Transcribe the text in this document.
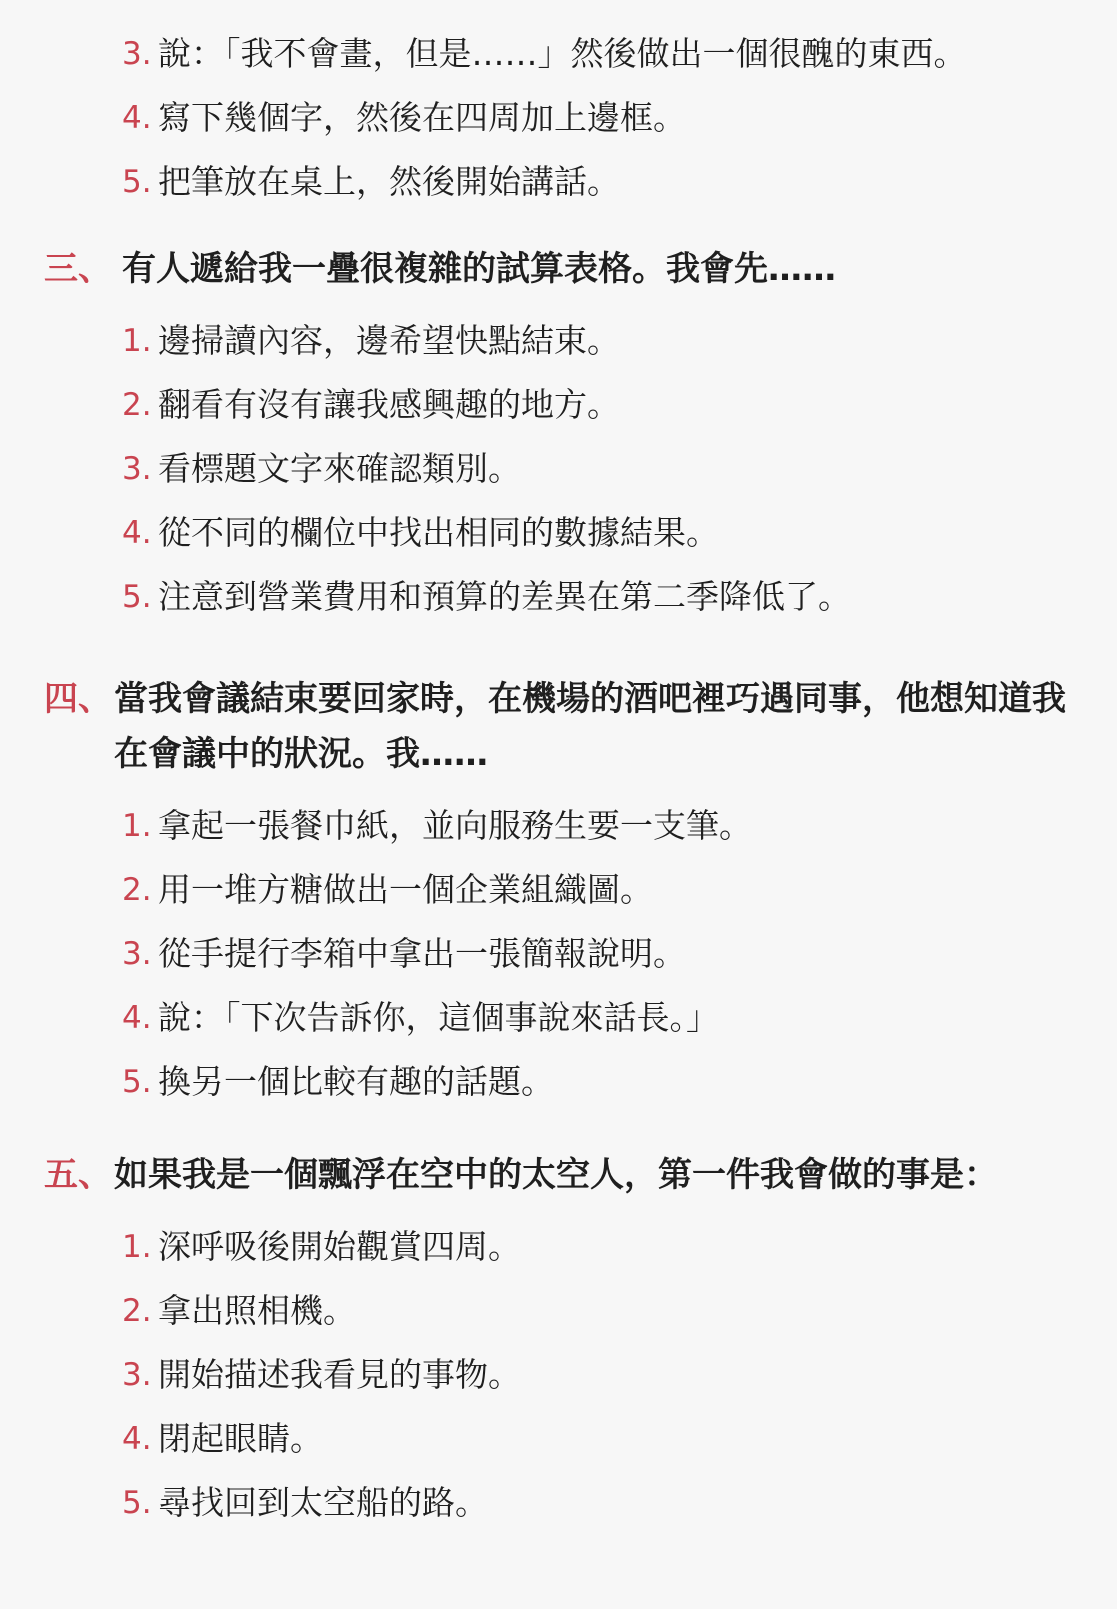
3. 說：「我不會畫，但是……」然後做出一個很醜的東西。
4. 寫下幾個字，然後在四周加上邊框。
5. 把筆放在桌上，然後開始講話。
三、 有人遞給我一疊很複雜的試算表格。我會先……
1. 邊掃讀內容，邊希望快點結束。
2. 翻看有沒有讓我感興趣的地方。
3. 看標題文字來確認類別。
4. 從不同的欄位中找出相同的數據結果。
5. 注意到營業費用和預算的差異在第二季降低了。
四、 當我會議結束要回家時，在機場的酒吧裡巧遇同事，他想知道我在會議中的狀況。我……
1. 拿起一張餐巾紙，並向服務生要一支筆。
2. 用一堆方糖做出一個企業組織圖。
3. 從手提行李箱中拿出一張簡報說明。
4. 說：「下次告訴你，這個事說來話長。」
5. 換另一個比較有趣的話題。
五、 如果我是一個飄浮在空中的太空人，第一件我會做的事是：
1. 深呼吸後開始觀賞四周。
2. 拿出照相機。
3. 開始描述我看見的事物。
4. 閉起眼睛。
5. 尋找回到太空船的路。
